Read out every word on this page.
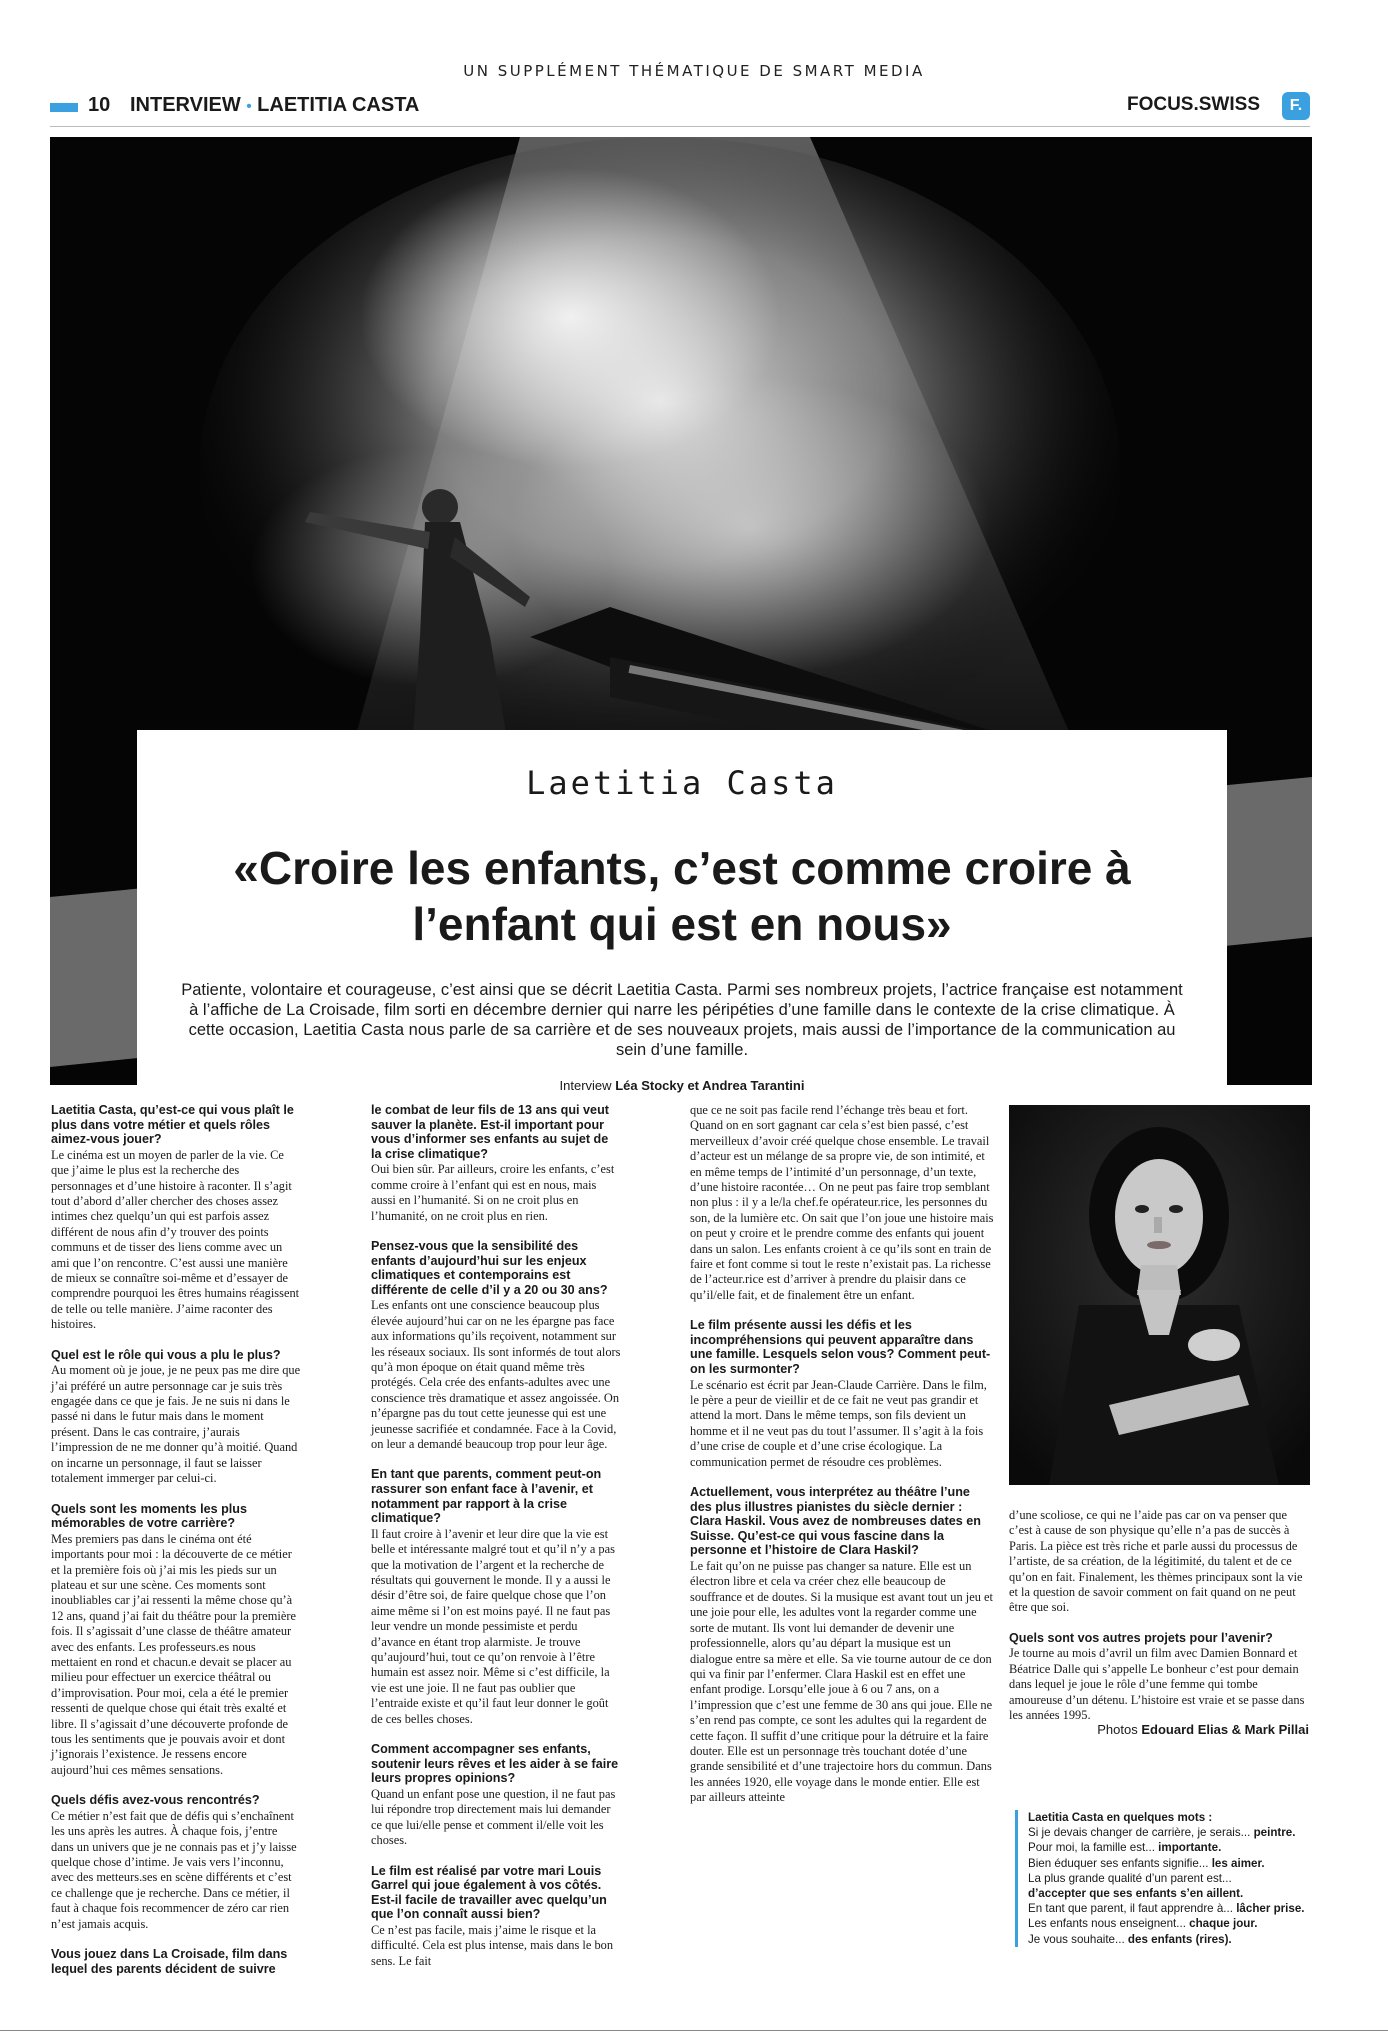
UN SUPPLÉMENT THÉMATIQUE DE SMART MEDIA
10 INTERVIEW • LAETITIA CASTA	FOCUS.SWISS	F.
Laetitia Casta
«Croire les enfants, c’est comme croire à l’enfant qui est en nous»
Patiente, volontaire et courageuse, c’est ainsi que se décrit Laetitia Casta. Parmi ses nombreux projets, l’actrice française est notamment à l’affiche de La Croisade, film sorti en décembre dernier qui narre les péripéties d’une famille dans le contexte de la crise climatique. À cette occasion, Laetitia Casta nous parle de sa carrière et de ses nouveaux projets, mais aussi de l’importance de la communication au sein d’une famille.
Interview Léa Stocky et Andrea Tarantini
Laetitia Casta, qu’est-ce qui vous plaît le plus dans votre métier et quels rôles aimez-vous jouer?
Le cinéma est un moyen de parler de la vie. Ce que j’aime le plus est la recherche des personnages et d’une histoire à raconter. Il s’agit tout d’abord d’aller chercher des choses assez intimes chez quelqu’un qui est parfois assez différent de nous afin d’y trouver des points communs et de tisser des liens comme avec un ami que l’on rencontre. C’est aussi une manière de mieux se connaître soi-même et d’essayer de comprendre pourquoi les êtres humains réagissent de telle ou telle manière. J’aime raconter des histoires.
Quel est le rôle qui vous a plu le plus?
Au moment où je joue, je ne peux pas me dire que j’ai préféré un autre personnage car je suis très engagée dans ce que je fais. Je ne suis ni dans le passé ni dans le futur mais dans le moment présent. Dans le cas contraire, j’aurais l’impression de ne me donner qu’à moitié. Quand on incarne un personnage, il faut se laisser totalement immerger par celui-ci.
Quels sont les moments les plus mémorables de votre carrière?
Mes premiers pas dans le cinéma ont été importants pour moi : la découverte de ce métier et la première fois où j’ai mis les pieds sur un plateau et sur une scène. Ces moments sont inoubliables car j’ai ressenti la même chose qu’à 12 ans, quand j’ai fait du théâtre pour la première fois. Il s’agissait d’une classe de théâtre amateur avec des enfants. Les professeurs.es nous mettaient en rond et chacun.e devait se placer au milieu pour effectuer un exercice théâtral ou d’improvisation. Pour moi, cela a été le premier ressenti de quelque chose qui était très exalté et libre. Il s’agissait d’une découverte profonde de tous les sentiments que je pouvais avoir et dont j’ignorais l’existence. Je ressens encore aujourd’hui ces mêmes sensations.
Quels défis avez-vous rencontrés?
Ce métier n’est fait que de défis qui s’enchaînent les uns après les autres. À chaque fois, j’entre dans un univers que je ne connais pas et j’y laisse quelque chose d’intime. Je vais vers l’inconnu, avec des metteurs.ses en scène différents et c’est ce challenge que je recherche. Dans ce métier, il faut à chaque fois recommencer de zéro car rien n’est jamais acquis.
Vous jouez dans La Croisade, film dans lequel des parents décident de suivre
le combat de leur fils de 13 ans qui veut sauver la planète. Est-il important pour vous d’informer ses enfants au sujet de la crise climatique?
Oui bien sûr. Par ailleurs, croire les enfants, c’est comme croire à l’enfant qui est en nous, mais aussi en l’humanité. Si on ne croit plus en l’humanité, on ne croit plus en rien.
Pensez-vous que la sensibilité des enfants d’aujourd’hui sur les enjeux climatiques et contemporains est différente de celle d’il y a 20 ou 30 ans?
Les enfants ont une conscience beaucoup plus élevée aujourd’hui car on ne les épargne pas face aux informations qu’ils reçoivent, notamment sur les réseaux sociaux. Ils sont informés de tout alors qu’à mon époque on était quand même très protégés. Cela crée des enfants-adultes avec une conscience très dramatique et assez angoissée. On n’épargne pas du tout cette jeunesse qui est une jeunesse sacrifiée et condamnée. Face à la Covid, on leur a demandé beaucoup trop pour leur âge.
En tant que parents, comment peut-on rassurer son enfant face à l’avenir, et notamment par rapport à la crise climatique?
Il faut croire à l’avenir et leur dire que la vie est belle et intéressante malgré tout et qu’il n’y a pas que la motivation de l’argent et la recherche de résultats qui gouvernent le monde. Il y a aussi le désir d’être soi, de faire quelque chose que l’on aime même si l’on est moins payé. Il ne faut pas leur vendre un monde pessimiste et perdu d’avance en étant trop alarmiste. Je trouve qu’aujourd’hui, tout ce qu’on renvoie à l’être humain est assez noir. Même si c’est difficile, la vie est une joie. Il ne faut pas oublier que l’entraide existe et qu’il faut leur donner le goût de ces belles choses.
Comment accompagner ses enfants, soutenir leurs rêves et les aider à se faire leurs propres opinions?
Quand un enfant pose une question, il ne faut pas lui répondre trop directement mais lui demander ce que lui/elle pense et comment il/elle voit les choses.
Le film est réalisé par votre mari Louis Garrel qui joue également à vos côtés. Est-il facile de travailler avec quelqu’un que l’on connaît aussi bien?
Ce n’est pas facile, mais j’aime le risque et la difficulté. Cela est plus intense, mais dans le bon sens. Le fait
que ce ne soit pas facile rend l’échange très beau et fort. Quand on en sort gagnant car cela s’est bien passé, c’est merveilleux d’avoir créé quelque chose ensemble. Le travail d’acteur est un mélange de sa propre vie, de son intimité, et en même temps de l’intimité d’un personnage, d’un texte, d’une histoire racontée… On ne peut pas faire trop semblant non plus : il y a le/la chef.fe opérateur.rice, les personnes du son, de la lumière etc. On sait que l’on joue une histoire mais on peut y croire et le prendre comme des enfants qui jouent dans un salon. Les enfants croient à ce qu’ils sont en train de faire et font comme si tout le reste n’existait pas. La richesse de l’acteur.rice est d’arriver à prendre du plaisir dans ce qu’il/elle fait, et de finalement être un enfant.
Le film présente aussi les défis et les incompréhensions qui peuvent apparaître dans une famille. Lesquels selon vous? Comment peut-on les surmonter?
Le scénario est écrit par Jean-Claude Carrière. Dans le film, le père a peur de vieillir et de ce fait ne veut pas grandir et attend la mort. Dans le même temps, son fils devient un homme et il ne veut pas du tout l’assumer. Il s’agit à la fois d’une crise de couple et d’une crise écologique. La communication permet de résoudre ces problèmes.
Actuellement, vous interprétez au théâtre l’une des plus illustres pianistes du siècle dernier : Clara Haskil. Vous avez de nombreuses dates en Suisse. Qu’est-ce qui vous fascine dans la personne et l’histoire de Clara Haskil?
Le fait qu’on ne puisse pas changer sa nature. Elle est un électron libre et cela va créer chez elle beaucoup de souffrance et de doutes. Si la musique est avant tout un jeu et une joie pour elle, les adultes vont la regarder comme une sorte de mutant. Ils vont lui demander de devenir une professionnelle, alors qu’au départ la musique est un dialogue entre sa mère et elle. Sa vie tourne autour de ce don qui va finir par l’enfermer. Clara Haskil est en effet une enfant prodige. Lorsqu’elle joue à 6 ou 7 ans, on a l’impression que c’est une femme de 30 ans qui joue. Elle ne s’en rend pas compte, ce sont les adultes qui la regardent de cette façon. Il suffit d’une critique pour la détruire et la faire douter. Elle est un personnage très touchant dotée d’une grande sensibilité et d’une trajectoire hors du commun. Dans les années 1920, elle voyage dans le monde entier. Elle est par ailleurs atteinte
d’une scoliose, ce qui ne l’aide pas car on va penser que c’est à cause de son physique qu’elle n’a pas de succès à Paris. La pièce est très riche et parle aussi du processus de l’artiste, de sa création, de la légitimité, du talent et de ce qu’on en fait. Finalement, les thèmes principaux sont la vie et la question de savoir comment on fait quand on ne peut être que soi.
Quels sont vos autres projets pour l’avenir?
Je tourne au mois d’avril un film avec Damien Bonnard et Béatrice Dalle qui s’appelle Le bonheur c’est pour demain dans lequel je joue le rôle d’une femme qui tombe amoureuse d’un détenu. L’histoire est vraie et se passe dans les années 1995.
Photos Edouard Elias & Mark Pillai
Laetitia Casta en quelques mots :
Si je devais changer de carrière, je serais... peintre.
Pour moi, la famille est... importante.
Bien éduquer ses enfants signifie... les aimer.
La plus grande qualité d’un parent est...
d’accepter que ses enfants s’en aillent.
En tant que parent, il faut apprendre à... lâcher prise.
Les enfants nous enseignent... chaque jour.
Je vous souhaite... des enfants (rires).
